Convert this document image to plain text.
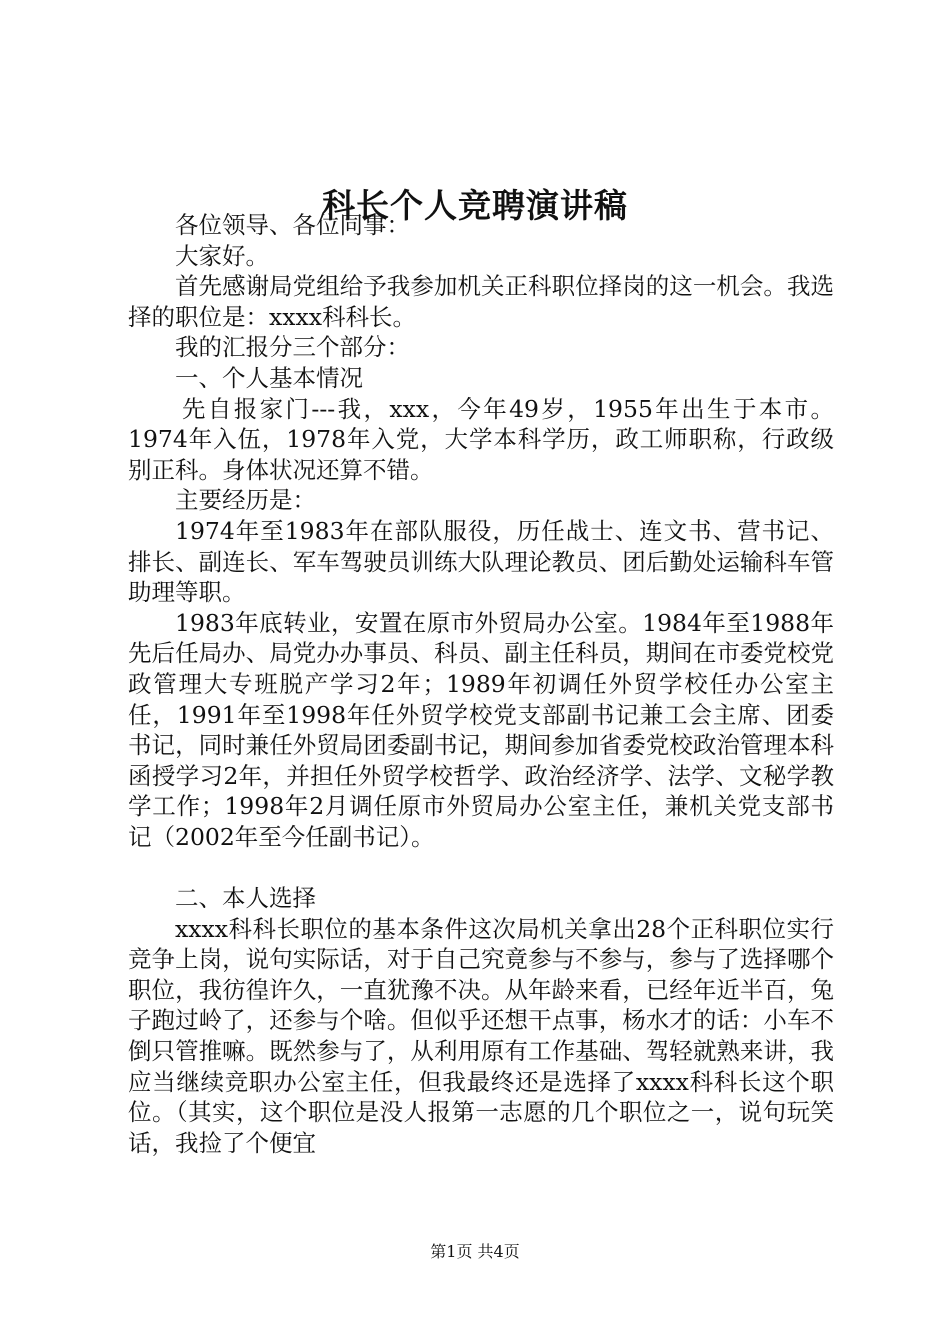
科长个人竞聘演讲稿

各位领导、各位同事：

大家好。

首先感谢局党组给予我参加机关正科职位择岗的这一机会。我选择的职位是：xxxx科科长。

我的汇报分三个部分：

一、个人基本情况

先自报家门---我，xxx，今年49岁，1955年出生于本市。1974年入伍，1978年入党，大学本科学历，政工师职称，行政级别正科。身体状况还算不错。

主要经历是：

1974年至1983年在部队服役，历任战士、连文书、营书记、排长、副连长、军车驾驶员训练大队理论教员、团后勤处运输科车管助理等职。

1983年底转业，安置在原市外贸局办公室。1984年至1988年先后任局办、局党办办事员、科员、副主任科员，期间在市委党校党政管理大专班脱产学习2年；1989年初调任外贸学校任办公室主任，1991年至1998年任外贸学校党支部副书记兼工会主席、团委书记，同时兼任外贸局团委副书记，期间参加省委党校政治管理本科函授学习2年，并担任外贸学校哲学、政治经济学、法学、文秘学教学工作；1998年2月调任原市外贸局办公室主任，兼机关党支部书记（2002年至今任副书记）。

二、本人选择

xxxx科科长职位的基本条件这次局机关拿出28个正科职位实行竞争上岗，说句实际话，对于自己究竟参与不参与，参与了选择哪个职位，我彷徨许久，一直犹豫不决。从年龄来看，已经年近半百，兔子跑过岭了，还参与个啥。但似乎还想干点事，杨水才的话：小车不倒只管推嘛。既然参与了，从利用原有工作基础、驾轻就熟来讲，我应当继续竞职办公室主任，但我最终还是选择了xxxx科科长这个职位。（其实，这个职位是没人报第一志愿的几个职位之一，说句玩笑话，我捡了个便宜

第1页 共4页
